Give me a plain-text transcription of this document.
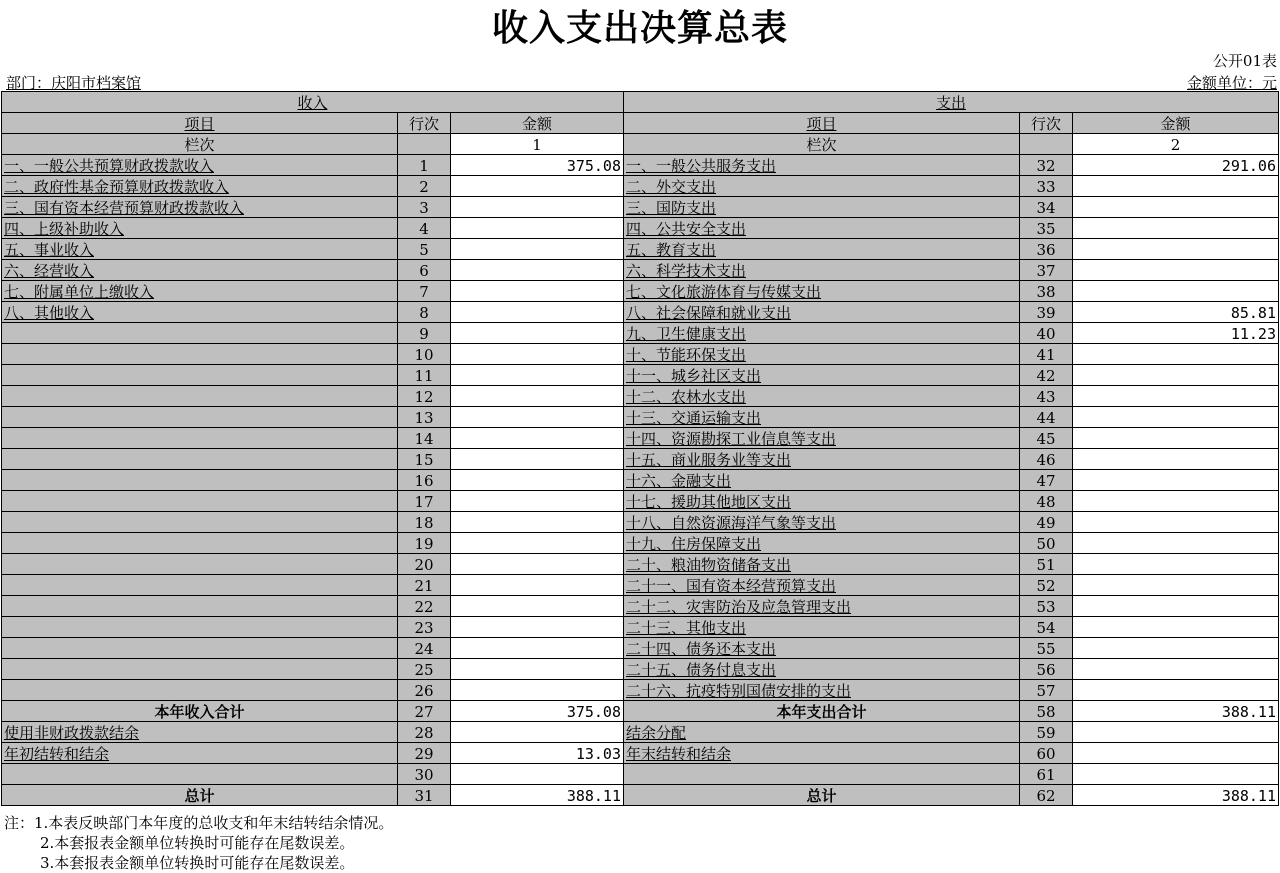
收入支出决算总表
公开01表
部门：庆阳市档案馆	金额单位：元
收入			支出		
项目	行次	金额	项目	行次	金额
栏次		1	栏次		2
一、一般公共预算财政拨款收入	1	375.08	一、一般公共服务支出	32	291.06
二、政府性基金预算财政拨款收入	2		二、外交支出	33	
三、国有资本经营预算财政拨款收入	3		三、国防支出	34	
四、上级补助收入	4		四、公共安全支出	35	
五、事业收入	5		五、教育支出	36	
六、经营收入	6		六、科学技术支出	37	
七、附属单位上缴收入	7		七、文化旅游体育与传媒支出	38	
八、其他收入	8		八、社会保障和就业支出	39	85.81
	9		九、卫生健康支出	40	11.23
	10		十、节能环保支出	41	
	11		十一、城乡社区支出	42	
	12		十二、农林水支出	43	
	13		十三、交通运输支出	44	
	14		十四、资源勘探工业信息等支出	45	
	15		十五、商业服务业等支出	46	
	16		十六、金融支出	47	
	17		十七、援助其他地区支出	48	
	18		十八、自然资源海洋气象等支出	49	
	19		十九、住房保障支出	50	
	20		二十、粮油物资储备支出	51	
	21		二十一、国有资本经营预算支出	52	
	22		二十二、灾害防治及应急管理支出	53	
	23		二十三、其他支出	54	
	24		二十四、债务还本支出	55	
	25		二十五、债务付息支出	56	
	26		二十六、抗疫特别国债安排的支出	57	
本年收入合计	27	375.08	本年支出合计	58	388.11
使用非财政拨款结余	28		结余分配	59	
年初结转和结余	29	13.03	年末结转和结余	60	
	30			61	
总计	31	388.11	总计	62	388.11
注：1.本表反映部门本年度的总收支和年末结转结余情况。
2.本套报表金额单位转换时可能存在尾数误差。
3.本套报表金额单位转换时可能存在尾数误差。
